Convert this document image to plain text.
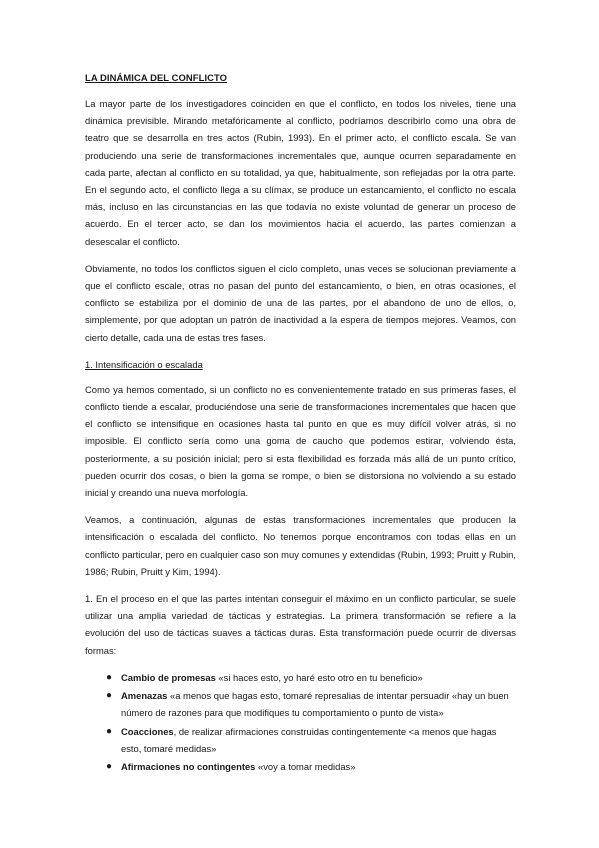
LA DINÁMICA DEL CONFLICTO

La mayor parte de los investigadores coinciden en que el conflicto, en todos los niveles, tiene una dinámica previsible. Mirando metafóricamente al conflicto, podríamos describirlo como una obra de teatro que se desarrolla en tres actos (Rubin, 1993). En el primer acto, el conflicto escala. Se van produciendo una serie de transformaciones incrementales que, aunque ocurren separadamente en cada parte, afectan al conflicto en su totalidad, ya que, habitualmente, son reflejadas por la otra parte. En el segundo acto, el conflicto llega a su clímax, se produce un estancamiento, el conflicto no escala más, incluso en las circunstancias en las que todavía no existe voluntad de generar un proceso de acuerdo. En el tercer acto, se dan los movimientos hacia el acuerdo, las partes comienzan a desescalar el conflicto.

Obviamente, no todos los conflictos siguen el ciclo completo, unas veces se solucionan previamente a que el conflicto escale, otras no pasan del punto del estancamiento, o bien, en otras ocasiones, el conflicto se estabiliza por el dominio de una de las partes, por el abandono de uno de ellos, o, simplemente, por que adoptan un patrón de inactividad a la espera de tiempos mejores. Veamos, con cierto detalle, cada una de estas tres fases.

1. Intensificación o escalada

Como ya hemos comentado, si un conflicto no es convenientemente tratado en sus primeras fases, el conflicto tiende a escalar, produciéndose una serie de transformaciones incrementales que hacen que el conflicto se intensifique en ocasiones hasta tal punto en que es muy difícil volver atrás, si no imposible. El conflicto sería como una goma de caucho que podemos estirar, volviendo ésta, posteriormente, a su posición inicial; pero si esta flexibilidad es forzada más allá de un punto crítico, pueden ocurrir dos cosas, o bien la goma se rompe, o bien se distorsiona no volviendo a su estado inicial y creando una nueva morfología.

Veamos, a continuación, algunas de estas transformaciones incrementales que producen la intensificación o escalada del conflicto. No tenemos porque encontramos con todas ellas en un conflicto particular, pero en cualquier caso son muy comunes y extendidas (Rubin, 1993; Pruitt y Rubin, 1986; Rubin, Pruitt y Kim, 1994).

1. En el proceso en el que las partes intentan conseguir el máximo en un conflicto particular, se suele utilizar una amplia variedad de tácticas y estrategias. La primera transformación se refiere a la evolución del uso de tácticas suaves a tácticas duras. Esta transformación puede ocurrir de diversas formas:

● Cambio de promesas «si haces esto, yo haré esto otro en tu beneficio»
● Amenazas «a menos que hagas esto, tomaré represalias de intentar persuadir «hay un buen número de razones para que modifiques tu comportamiento o punto de vista»
● Coacciones, de realizar afirmaciones construidas contingentemente <a menos que hagas esto, tomaré medidas»
● Afirmaciones no contingentes «voy a tomar medidas»
